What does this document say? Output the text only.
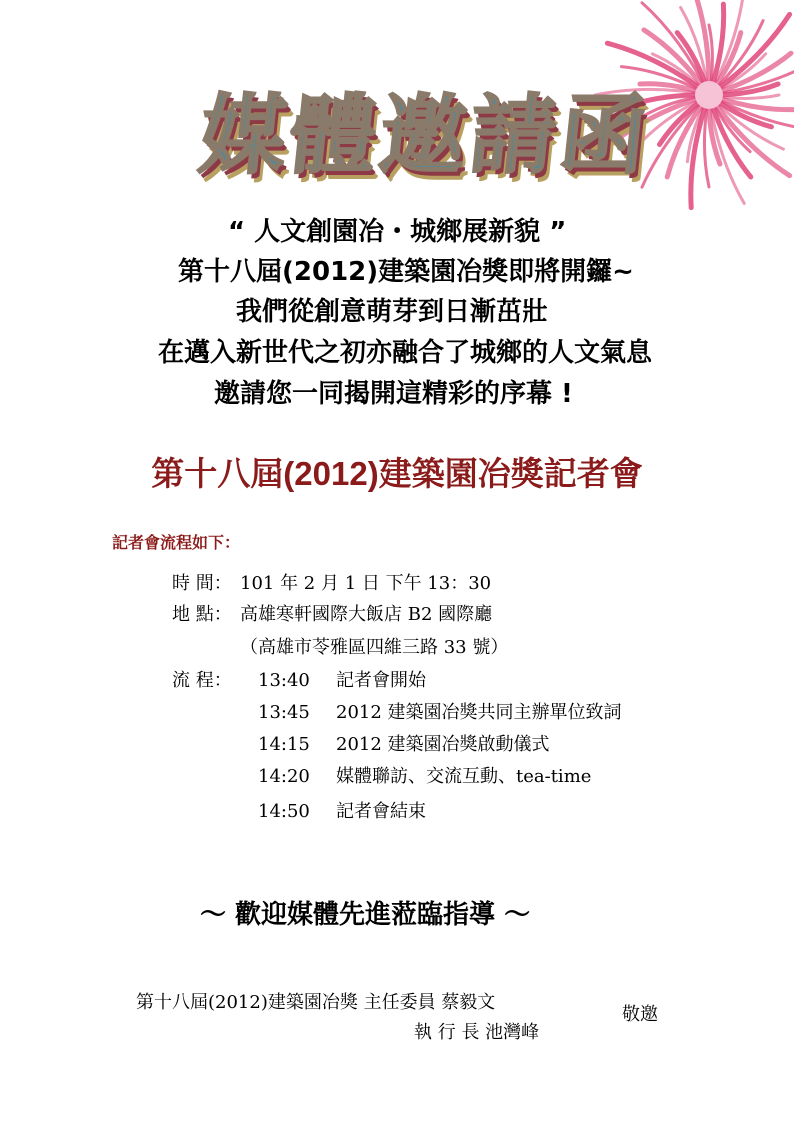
媒體邀請函
“ 人文創園冶・城鄉展新貌 ”
第十八屆(2012)建築園冶獎即將開鑼~
我們從創意萌芽到日漸茁壯
在邁入新世代之初亦融合了城鄉的人文氣息
邀請您一同揭開這精彩的序幕 !
第十八屆(2012)建築園冶獎記者會
記者會流程如下：
時 間： 101 年 2 月 1 日 下午 13：30
地 點： 高雄寒軒國際大飯店 B2 國際廳
（高雄市苓雅區四維三路 33 號）
流 程： 13:40 記者會開始
13:45 2012 建築園冶獎共同主辦單位致詞
14:15 2012 建築園冶獎啟動儀式
14:20 媒體聯訪、交流互動、tea-time
14:50 記者會結束
～ 歡迎媒體先進蒞臨指導 ～
第十八屆(2012)建築園冶獎 主任委員 蔡毅文
執 行 長 池灣峰
敬邀
